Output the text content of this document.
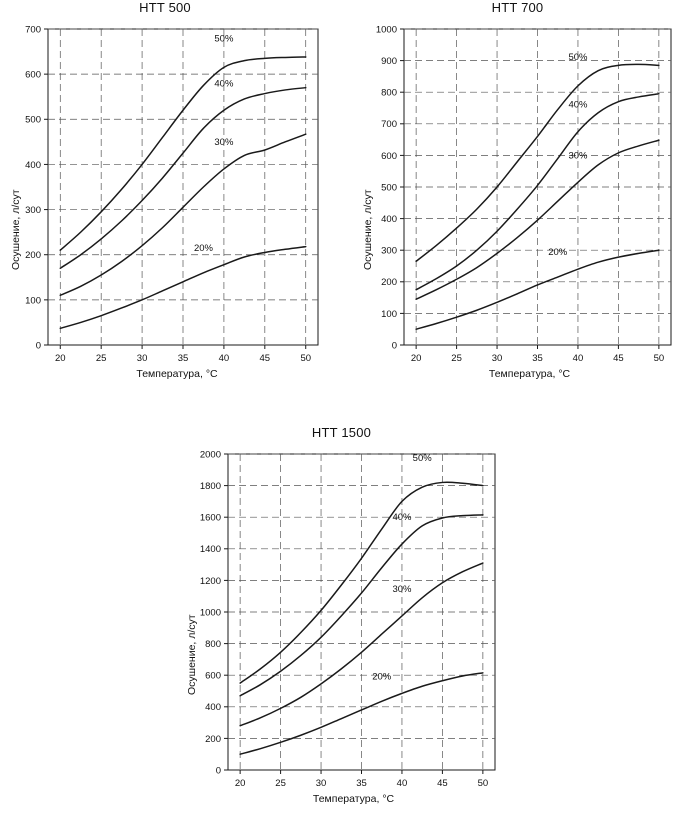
HTT 500
Осушение, л/сут
0
100
200
300
400
500
600
700
20	25	30	35	40	45	50
50%
40%
30%
20%
Температура, °C
HTT 700
Осушение, л/сут
0
100
200
300
400
500
600
700
800
900
1000
20	25	30	35	40	45	50
50%
40%
30%
20%
Температура, °C
HTT 1500
Осушение, л/сут
0
200
400
600
800
1000
1200
1400
1600
1800
2000
20	25	30	35	40	45	50
50%
40%
30%
20%
Температура, °C
